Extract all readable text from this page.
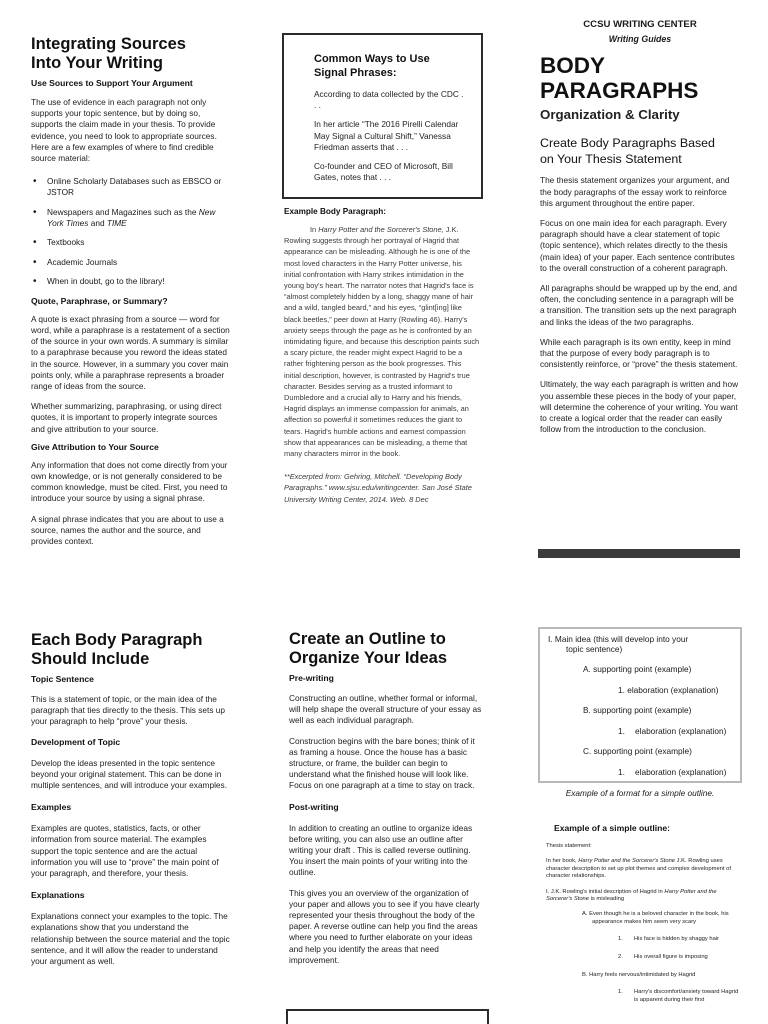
Integrating Sources
Into Your Writing
Use Sources to Support Your Argument
The use of evidence in each paragraph not only supports your topic sentence, but by doing so, supports the claim made in your thesis. To provide evidence, you need to look to appropriate sources. Here are a few examples of where to find credible source material:
• Online Scholarly Databases such as EBSCO or JSTOR
• Newspapers and Magazines such as the New York Times and TIME
• Textbooks
• Academic Journals
• When in doubt, go to the library!
Quote, Paraphrase, or Summary?
A quote is exact phrasing from a source — word for word, while a paraphrase is a restatement of a section of the source in your own words. A summary is similar to a paraphrase because you reword the ideas stated in the source. However, in a summary you cover main points only, while a paraphrase represents a broader range of ideas from the source.
Whether summarizing, paraphrasing, or using direct quotes, it is important to properly integrate sources and give attribution to your source.
Give Attribution to Your Source
Any information that does not come directly from your own knowledge, or is not generally considered to be common knowledge, must be cited. First, you need to introduce your source by using a signal phrase.
A signal phrase indicates that you are about to use a source, names the author and the source, and provides context.
Common Ways to Use
Signal Phrases:
According to data collected by the CDC . . .
In her article “The 2016 Pirelli Calendar May Signal a Cultural Shift,” Vanessa Friedman asserts that . . .
Co-founder and CEO of Microsoft, Bill Gates, notes that . . .
Example Body Paragraph:
In Harry Potter and the Sorcerer's Stone, J.K. Rowling suggests through her portrayal of Hagrid that appearance can be misleading. Although he is one of the most loved characters in the Harry Potter universe, his initial confrontation with Harry strikes intimidation in the young boy's heart. The narrator notes that Hagrid's face is “almost completely hidden by a long, shaggy mane of hair and a wild, tangled beard,” and his eyes, “glint[ing] like black beetles,” peer down at Harry (Rowling 46). Harry's anxiety seeps through the page as he is confronted by an intimidating figure, and because this description paints such a scary picture, the reader might expect Hagrid to be a rather frightening person as the book progresses. This initial description, however, is contrasted by Hagrid's true character. Besides serving as a trusted informant to Dumbledore and a crucial ally to Harry and his friends, Hagrid displays an immense compassion for animals, an affection so powerful it sometimes reduces the giant to tears. Hagrid's humble actions and earnest compassion show that appearances can be misleading, a theme that many characters mirror in the book.
**Excerpted from: Gehring, Mitchell. “Developing Body Paragraphs.” www.sjsu.edu/writingcenter. San José State University Writing Center, 2014. Web. 8 Dec
CCSU WRITING CENTER
Writing Guides
BODY
PARAGRAPHS
Organization & Clarity
Create Body Paragraphs Based
on Your Thesis Statement
The thesis statement organizes your argument, and the body paragraphs of the essay work to reinforce this argument throughout the entire paper.
Focus on one main idea for each paragraph. Every paragraph should have a clear statement of topic (topic sentence), which relates directly to the thesis (main idea) of your paper. Each sentence contributes to the overall construction of a coherent paragraph.
All paragraphs should be wrapped up by the end, and often, the concluding sentence in a paragraph will be a transition. The transition sets up the next paragraph and links the ideas of the two paragraphs.
While each paragraph is its own entity, keep in mind that the purpose of every body paragraph is to consistently reinforce, or “prove” the thesis statement.
Ultimately, the way each paragraph is written and how you assemble these pieces in the body of your paper, will determine the coherence of your writing. You want to create a logical order that the reader can easily follow from the introduction to the conclusion.
Each Body Paragraph
Should Include
Topic Sentence
This is a statement of topic, or the main idea of the paragraph that ties directly to the thesis. This sets up your paragraph to help “prove” your thesis.
Development of Topic
Develop the ideas presented in the topic sentence beyond your original statement. This can be done in multiple sentences, and will introduce your examples.
Examples
Examples are quotes, statistics, facts, or other information from source material. The examples support the topic sentence and are the actual information you will use to “prove” the main point of your paragraph, and therefore, your thesis.
Explanations
Explanations connect your examples to the topic. The explanations show that you understand the relationship between the source material and the topic sentence, and it will allow the reader to understand your argument as well.
Create an Outline to
Organize Your Ideas
Pre-writing
Constructing an outline, whether formal or informal, will help shape the overall structure of your essay as well as each individual paragraph.
Construction begins with the bare bones; think of it as framing a house. Once the house has a basic structure, or frame, the builder can begin to understand what the finished house will look like. Focus on one paragraph at a time to stay on track.
Post-writing
In addition to creating an outline to organize ideas before writing, you can also use an outline after writing your draft . This is called reverse outlining. You insert the main points of your writing into the outline.
This gives you an overview of the organization of your paper and allows you to see if you have clearly represented your thesis throughout the body of the paper. A reverse outline can help you find the areas where you need to further elaborate on your ideas and help you identify the areas that need improvement.
I. Main idea (this will develop into your
topic sentence)
A. supporting point (example)
1. elaboration (explanation)
B. supporting point (example)
1. elaboration (explanation)
C. supporting point (example)
1. elaboration (explanation)
Example of a format for a simple outline.
Example of a simple outline:
Thesis statement:
In her book, Harry Potter and the Sorcerer's Stone J.K. Rowling uses character description to set up plot themes and complex development of character relationships.
I. J.K. Rowling's initial description of Hagrid in Harry Potter and the Sorcerer's Stone is misleading
A. Even though he is a beloved character in the book, his appearance makes him seem very scary
1. His face is hidden by shaggy hair
2. His overall figure is imposing
B. Harry feels nervous/intimidated by Hagrid
1. Harry's discomfort/anxiety toward Hagrid is apparent during their first
